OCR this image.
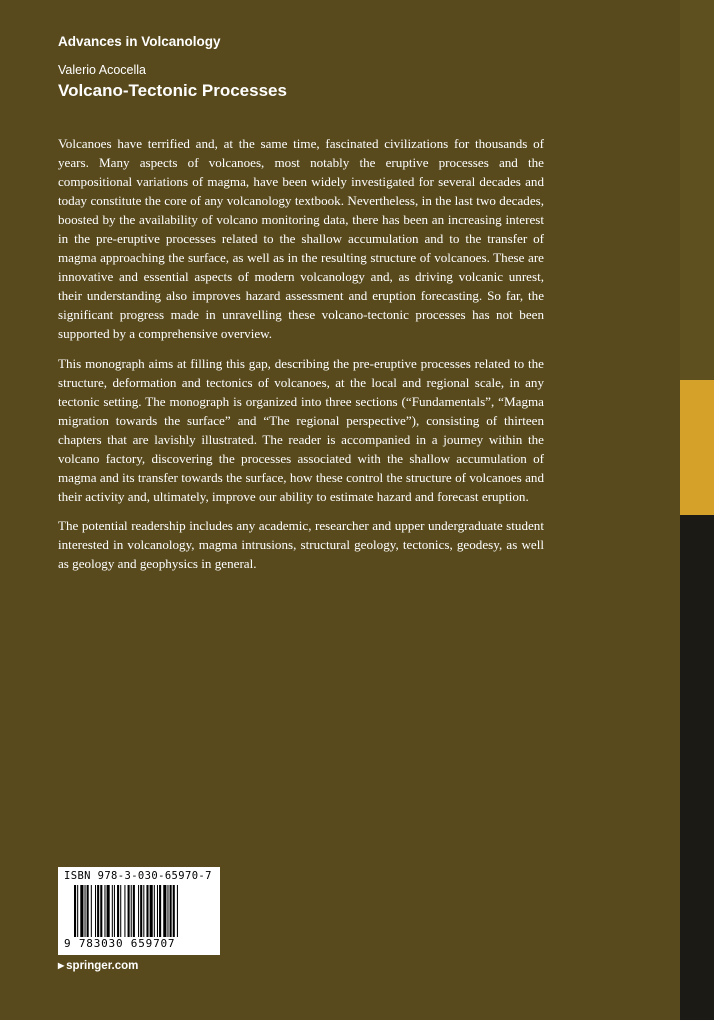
Advances in Volcanology
Valerio Acocella
Volcano-Tectonic Processes

Volcanoes have terrified and, at the same time, fascinated civilizations for thousands of years. Many aspects of volcanoes, most notably the eruptive processes and the compositional variations of magma, have been widely investigated for several decades and today constitute the core of any volcanology textbook. Nevertheless, in the last two decades, boosted by the availability of volcano monitoring data, there has been an increasing interest in the pre-eruptive processes related to the shallow accumulation and to the transfer of magma approaching the surface, as well as in the resulting structure of volcanoes. These are innovative and essential aspects of modern volcanology and, as driving volcanic unrest, their understanding also improves hazard assessment and eruption forecasting. So far, the significant progress made in unravelling these volcano-tectonic processes has not been supported by a comprehensive overview.

This monograph aims at filling this gap, describing the pre-eruptive processes related to the structure, deformation and tectonics of volcanoes, at the local and regional scale, in any tectonic setting. The monograph is organized into three sections (“Fundamentals”, “Magma migration towards the surface” and “The regional perspective”), consisting of thirteen chapters that are lavishly illustrated. The reader is accompanied in a journey within the volcano factory, discovering the processes associated with the shallow accumulation of magma and its transfer towards the surface, how these control the structure of volcanoes and their activity and, ultimately, improve our ability to estimate hazard and forecast eruption.

The potential readership includes any academic, researcher and upper undergraduate student interested in volcanology, magma intrusions, structural geology, tectonics, geodesy, as well as geology and geophysics in general.

ISBN 978-3-030-65970-7
9 783030 659707
▶ springer.com
